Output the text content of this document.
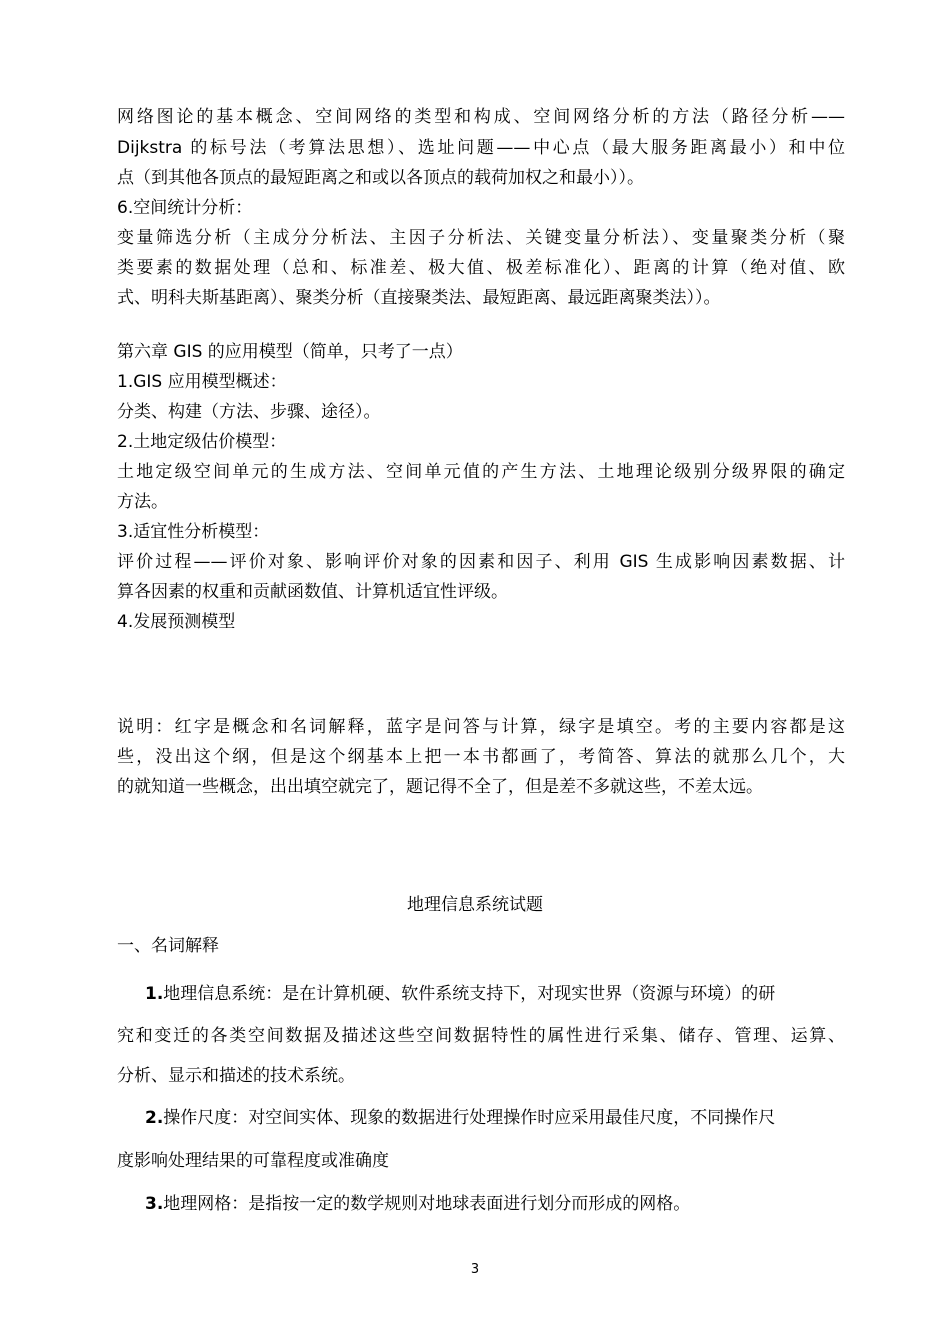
网络图论的基本概念、空间网络的类型和构成、空间网络分析的方法（路径分析——
Dijkstra 的标号法（考算法思想）、选址问题——中心点（最大服务距离最小）和中位
点（到其他各顶点的最短距离之和或以各顶点的载荷加权之和最小））。
6.空间统计分析：
变量筛选分析（主成分分析法、主因子分析法、关键变量分析法）、变量聚类分析（聚
类要素的数据处理（总和、标准差、极大值、极差标准化）、距离的计算（绝对值、欧
式、明科夫斯基距离）、聚类分析（直接聚类法、最短距离、最远距离聚类法））。
第六章 GIS 的应用模型（简单，只考了一点）
1.GIS 应用模型概述：
分类、构建（方法、步骤、途径）。
2.土地定级估价模型：
土地定级空间单元的生成方法、空间单元值的产生方法、土地理论级别分级界限的确定
方法。
3.适宜性分析模型：
评价过程——评价对象、影响评价对象的因素和因子、利用 GIS 生成影响因素数据、计
算各因素的权重和贡献函数值、计算机适宜性评级。
4.发展预测模型
说明：红字是概念和名词解释，蓝字是问答与计算，绿字是填空。考的主要内容都是这
些，没出这个纲，但是这个纲基本上把一本书都画了，考简答、算法的就那么几个，大
的就知道一些概念，出出填空就完了，题记得不全了，但是差不多就这些，不差太远。
地理信息系统试题
一、名词解释
1.地理信息系统：是在计算机硬、软件系统支持下，对现实世界（资源与环境）的研
究和变迁的各类空间数据及描述这些空间数据特性的属性进行采集、储存、管理、运算、
分析、显示和描述的技术系统。
2.操作尺度：对空间实体、现象的数据进行处理操作时应采用最佳尺度，不同操作尺
度影响处理结果的可靠程度或准确度
3.地理网格：是指按一定的数学规则对地球表面进行划分而形成的网格。
3
